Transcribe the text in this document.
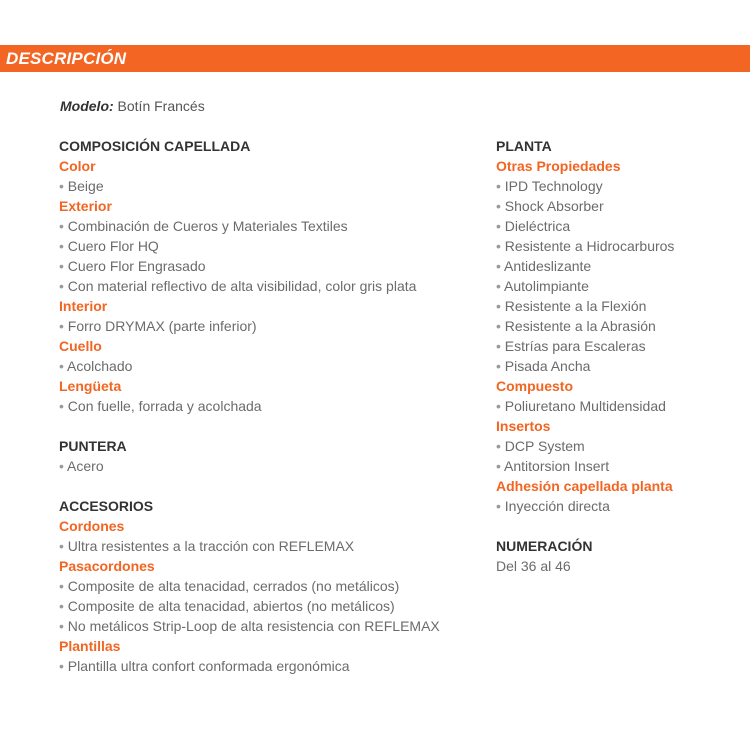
DESCRIPCIÓN
Modelo: Botín Francés
COMPOSICIÓN CAPELLADA
Color
• Beige
Exterior
• Combinación de Cueros y Materiales Textiles
• Cuero Flor HQ
• Cuero Flor Engrasado
• Con material reflectivo de alta visibilidad, color gris plata
Interior
• Forro DRYMAX (parte inferior)
Cuello
• Acolchado
Lengüeta
• Con fuelle, forrada y acolchada
PUNTERA
• Acero
ACCESORIOS
Cordones
• Ultra resistentes a la tracción con REFLEMAX
Pasacordones
• Composite de alta tenacidad, cerrados (no metálicos)
• Composite de alta tenacidad, abiertos (no metálicos)
• No metálicos Strip-Loop de alta resistencia con REFLEMAX
Plantillas
• Plantilla ultra confort conformada ergonómica
PLANTA
Otras Propiedades
• IPD Technology
• Shock Absorber
• Dieléctrica
• Resistente a Hidrocarburos
• Antideslizante
• Autolimpiante
• Resistente a la Flexión
• Resistente a la Abrasión
• Estrías para Escaleras
• Pisada Ancha
Compuesto
• Poliuretano Multidensidad
Insertos
• DCP System
• Antitorsion Insert
Adhesión capellada planta
• Inyección directa
NUMERACIÓN
Del 36 al 46
